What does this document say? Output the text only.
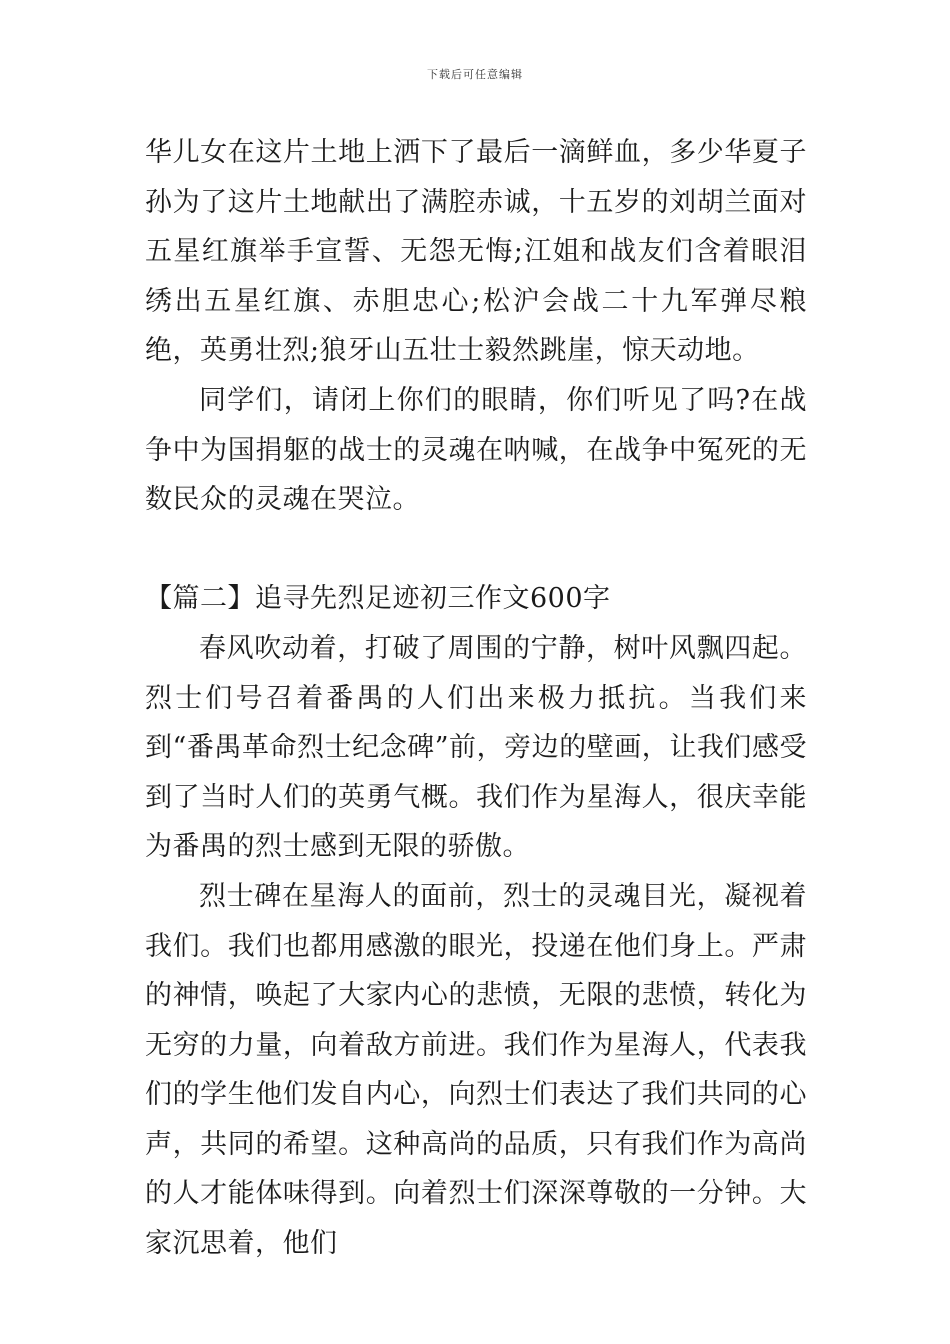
下载后可任意编辑

华儿女在这片土地上洒下了最后一滴鲜血，多少华夏子孙为了这片土地献出了满腔赤诚，十五岁的刘胡兰面对五星红旗举手宣誓、无怨无悔;江姐和战友们含着眼泪绣出五星红旗、赤胆忠心;松沪会战二十九军弹尽粮绝，英勇壮烈;狼牙山五壮士毅然跳崖，惊天动地。

同学们，请闭上你们的眼睛，你们听见了吗?在战争中为国捐躯的战士的灵魂在呐喊，在战争中冤死的无数民众的灵魂在哭泣。

【篇二】追寻先烈足迹初三作文600字

春风吹动着，打破了周围的宁静，树叶风飘四起。烈士们号召着番禺的人们出来极力抵抗。当我们来到“番禺革命烈士纪念碑”前，旁边的壁画，让我们感受到了当时人们的英勇气概。我们作为星海人，很庆幸能为番禺的烈士感到无限的骄傲。

烈士碑在星海人的面前，烈士的灵魂目光，凝视着我们。我们也都用感激的眼光，投递在他们身上。严肃的神情，唤起了大家内心的悲愤，无限的悲愤，转化为无穷的力量，向着敌方前进。我们作为星海人，代表我们的学生他们发自内心，向烈士们表达了我们共同的心声，共同的希望。这种高尚的品质，只有我们作为高尚的人才能体味得到。向着烈士们深深尊敬的一分钟。大家沉思着，他们
